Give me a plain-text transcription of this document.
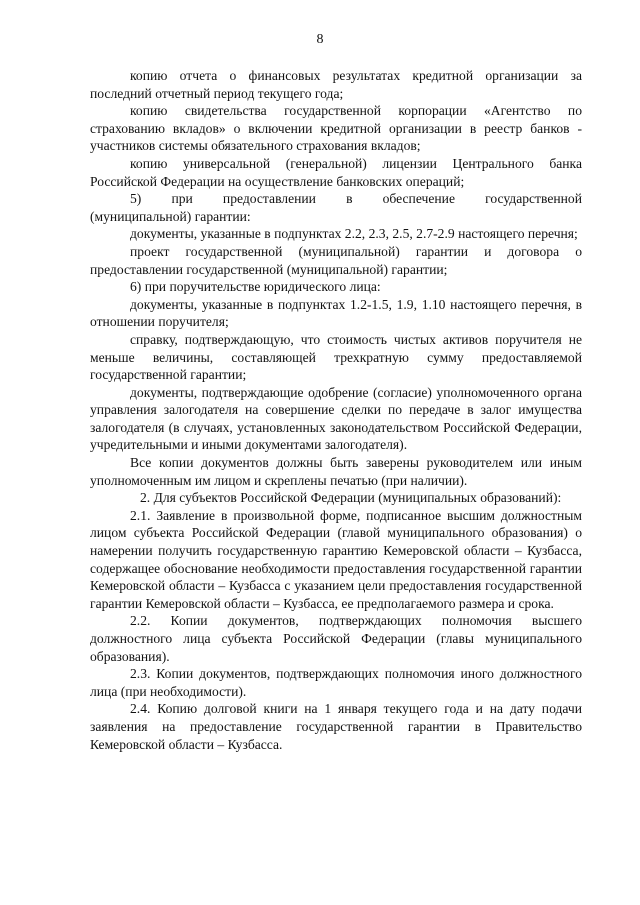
8

копию отчета о финансовых результатах кредитной организации за последний отчетный период текущего года;

копию свидетельства государственной корпорации «Агентство по страхованию вкладов» о включении кредитной организации в реестр банков - участников системы обязательного страхования вкладов;

копию универсальной (генеральной) лицензии Центрального банка Российской Федерации на осуществление банковских операций;

5)    при    предоставлении    в    обеспечение    государственной (муниципальной) гарантии:

документы, указанные в подпунктах 2.2, 2.3, 2.5, 2.7-2.9 настоящего перечня;

проект государственной (муниципальной) гарантии и договора о предоставлении государственной (муниципальной) гарантии;

6) при поручительстве юридического лица:

документы, указанные в подпунктах 1.2-1.5, 1.9, 1.10 настоящего перечня, в отношении поручителя;

справку, подтверждающую, что стоимость чистых активов поручителя не меньше величины, составляющей трехкратную сумму предоставляемой государственной гарантии;

документы, подтверждающие одобрение (согласие) уполномоченного органа управления залогодателя на совершение сделки по передаче в залог имущества залогодателя (в случаях, установленных законодательством Российской Федерации, учредительными и иными документами залогодателя).

Все копии документов должны быть заверены руководителем или иным уполномоченным им лицом и скреплены печатью (при наличии).

2. Для субъектов Российской Федерации (муниципальных образований):

2.1. Заявление в произвольной форме, подписанное высшим должностным лицом субъекта Российской Федерации (главой муниципального образования) о намерении получить государственную гарантию Кемеровской области – Кузбасса, содержащее обоснование необходимости предоставления государственной гарантии Кемеровской области – Кузбасса с указанием цели предоставления государственной гарантии Кемеровской области – Кузбасса, ее предполагаемого размера и срока.

2.2. Копии документов, подтверждающих полномочия высшего должностного лица субъекта Российской Федерации (главы муниципального образования).

2.3. Копии документов, подтверждающих полномочия иного должностного лица (при необходимости).

2.4. Копию долговой книги на 1 января текущего года и на дату подачи заявления на предоставление государственной гарантии в Правительство Кемеровской области – Кузбасса.
